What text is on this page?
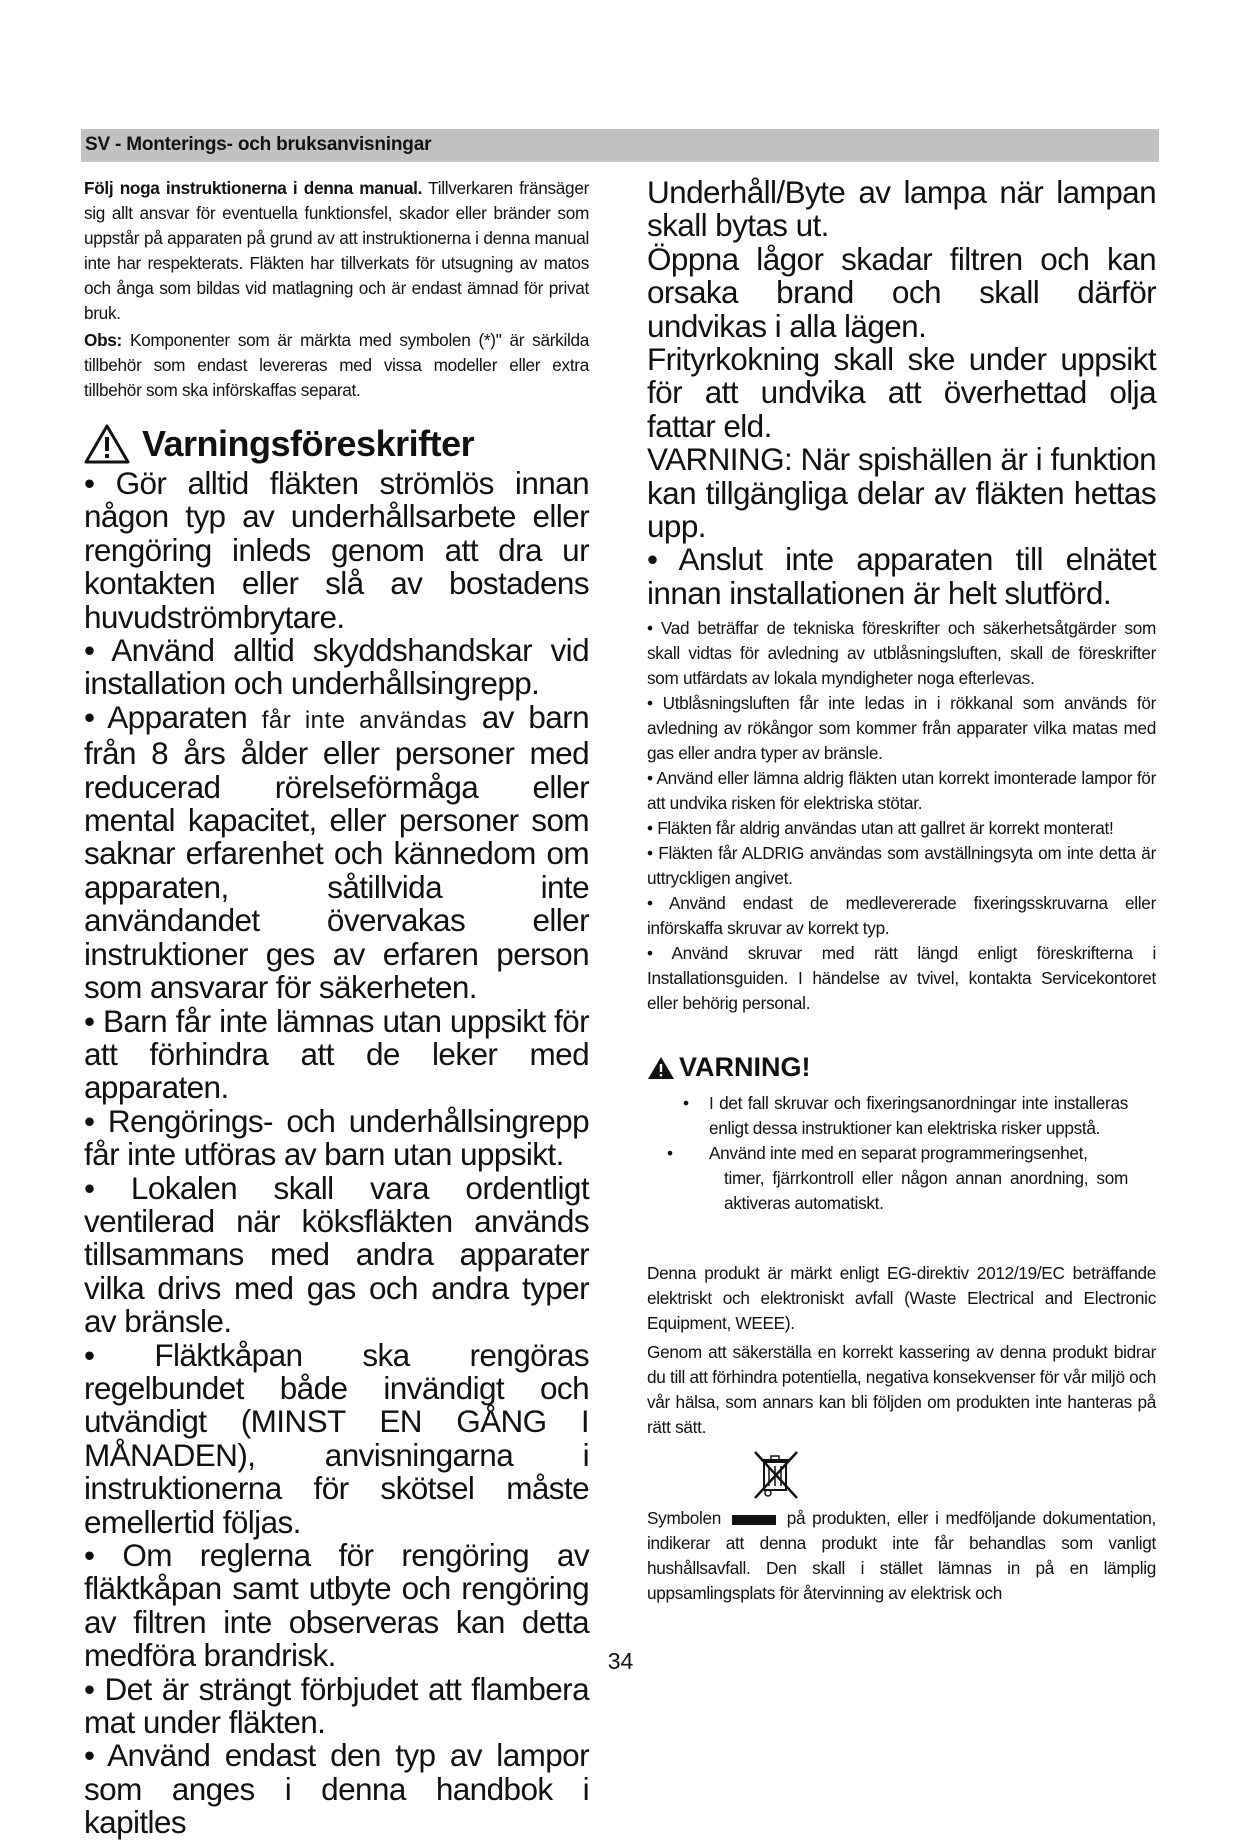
SV - Monterings- och bruksanvisningar

Följ noga instruktionerna i denna manual. Tillverkaren fränsäger sig allt ansvar för eventuella funktionsfel, skador eller bränder som uppstår på apparaten på grund av att instruktionerna i denna manual inte har respekterats. Fläkten har tillverkats för utsugning av matos och ånga som bildas vid matlagning och är endast ämnad för privat bruk.

Obs: Komponenter som är märkta med symbolen (*)" är särkilda tillbehör som endast levereras med vissa modeller eller extra tillbehör som ska införskaffas separat.

Varningsföreskrifter

• Gör alltid fläkten strömlös innan någon typ av underhållsarbete eller rengöring inleds genom att dra ur kontakten eller slå av bostadens huvudströmbrytare.

• Använd alltid skyddshandskar vid installation och underhållsingrepp.

• Apparaten får inte användas av barn från 8 års ålder eller personer med reducerad rörelseförmåga eller mental kapacitet, eller personer som saknar erfarenhet och kännedom om apparaten, såtillvida inte användandet övervakas eller instruktioner ges av erfaren person som ansvarar för säkerheten.

• Barn får inte lämnas utan uppsikt för att förhindra att de leker med apparaten.

• Rengörings- och underhållsingrepp får inte utföras av barn utan uppsikt.

• Lokalen skall vara ordentligt ventilerad när köksfläkten används tillsammans med andra apparater vilka drivs med gas och andra typer av bränsle.

• Fläktkåpan ska rengöras regelbundet både invändigt och utvändigt (MINST EN GÅNG I MÅNADEN), anvisningarna i instruktionerna för skötsel måste emellertid följas.

• Om reglerna för rengöring av fläktkåpan samt utbyte och rengöring av filtren inte observeras kan detta medföra brandrisk.

• Det är strängt förbjudet att flambera mat under fläkten.

• Använd endast den typ av lampor som anges i denna handbok i kapitles

Underhåll/Byte av lampa när lampan skall bytas ut.

Öppna lågor skadar filtren och kan orsaka brand och skall därför undvikas i alla lägen.

Frityrkokning skall ske under uppsikt för att undvika att överhettad olja fattar eld.

VARNING: När spishällen är i funktion kan tillgängliga delar av fläkten hettas upp.

• Anslut inte apparaten till elnätet innan installationen är helt slutförd.

• Vad beträffar de tekniska föreskrifter och säkerhetsåtgärder som skall vidtas för avledning av utblåsningsluften, skall de föreskrifter som utfärdats av lokala myndigheter noga efterlevas.

• Utblåsningsluften får inte ledas in i rökkanal som används för avledning av rökångor som kommer från apparater vilka matas med gas eller andra typer av bränsle.

• Använd eller lämna aldrig fläkten utan korrekt imonterade lampor för att undvika risken för elektriska stötar.

• Fläkten får aldrig användas utan att gallret är korrekt monterat!

• Fläkten får ALDRIG användas som avställningsyta om inte detta är uttryckligen angivet.

• Använd endast de medlevererade fixeringsskruvarna eller införskaffa skruvar av korrekt typ.

• Använd skruvar med rätt längd enligt föreskrifterna i Installationsguiden. I händelse av tvivel, kontakta Servicekontoret eller behörig personal.

VARNING!
• I det fall skruvar och fixeringsanordningar inte installeras enligt dessa instruktioner kan elektriska risker uppstå.
• Använd inte med en separat programmeringsenhet,
timer, fjärrkontroll eller någon annan anordning, som aktiveras automatiskt.

Denna produkt är märkt enligt EG-direktiv 2012/19/EC beträffande elektriskt och elektroniskt avfall (Waste Electrical and Electronic Equipment, WEEE).

Genom att säkerställa en korrekt kassering av denna produkt bidrar du till att förhindra potentiella, negativa konsekvenser för vår miljö och vår hälsa, som annars kan bli följden om produkten inte hanteras på rätt sätt.

Symbolen	på produkten, eller i medföljande dokumentation, indikerar att denna produkt inte får behandlas som vanligt hushållsavfall. Den skall i stället lämnas in på en lämplig uppsamlingsplats för återvinning av elektrisk och

34
